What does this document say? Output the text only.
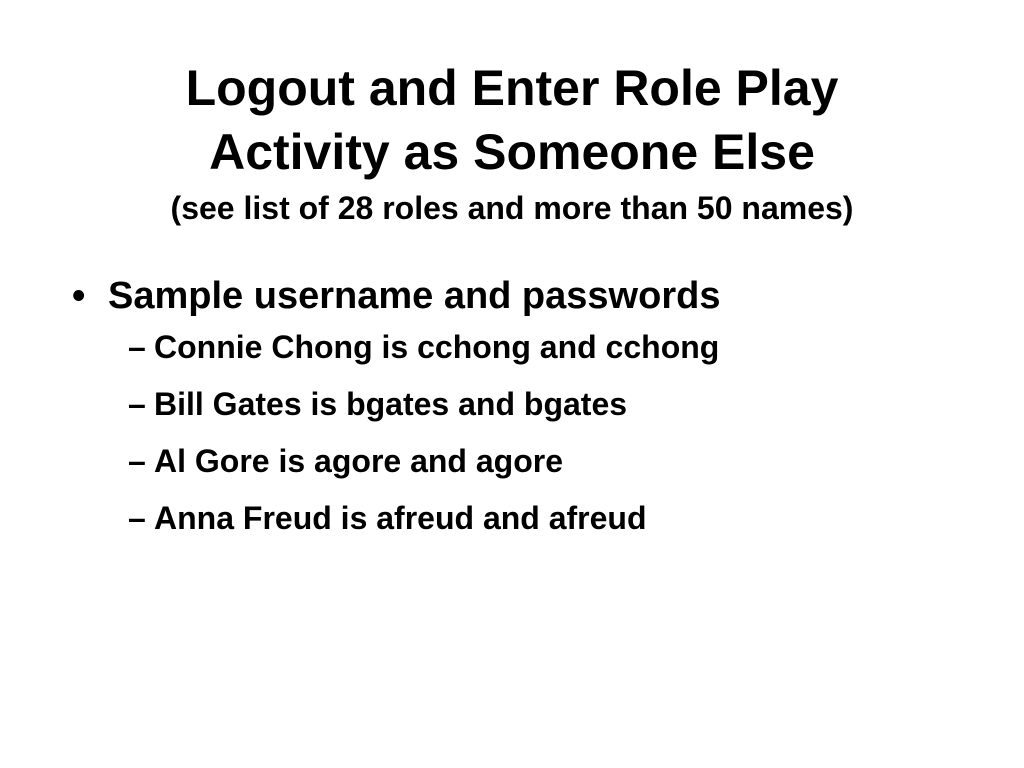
Logout and Enter Role Play
Activity as Someone Else
(see list of 28 roles and more than 50 names)
• Sample username and passwords
– Connie Chong is cchong and cchong
– Bill Gates is bgates and bgates
– Al Gore is agore and agore
– Anna Freud is afreud and afreud
